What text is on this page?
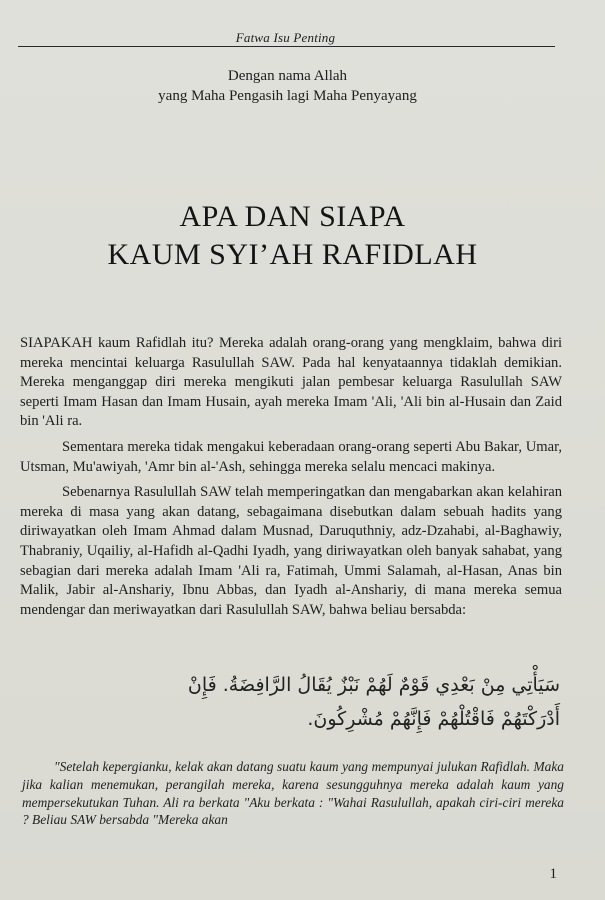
Fatwa Isu Penting
Dengan nama Allah
yang Maha Pengasih lagi Maha Penyayang
APA DAN SIAPA
KAUM SYI’AH RAFIDLAH

SIAPAKAH kaum Rafidlah itu? Mereka adalah orang-orang yang mengklaim, bahwa diri mereka mencintai keluarga Rasulullah SAW. Pada hal kenyataannya tidaklah demikian. Mereka menganggap diri mereka mengikuti jalan pembesar keluarga Rasulullah SAW seperti Imam Hasan dan Imam Husain, ayah mereka Imam 'Ali, 'Ali bin al-Husain dan Zaid bin 'Ali ra.

Sementara mereka tidak mengakui keberadaan orang-orang seperti Abu Bakar, Umar, Utsman, Mu'awiyah, 'Amr bin al-'Ash, sehingga mereka selalu mencaci makinya.

Sebenarnya Rasulullah SAW telah memperingatkan dan mengabarkan akan kelahiran mereka di masa yang akan datang, sebagaimana disebutkan dalam sebuah hadits yang diriwayatkan oleh Imam Ahmad dalam Musnad, Daruquthniy, adz-Dzahabi, al-Baghawiy, Thabraniy, Uqailiy, al-Hafidh al-Qadhi Iyadh, yang diriwayatkan oleh banyak sahabat, yang sebagian dari mereka adalah Imam 'Ali ra, Fatimah, Ummi Salamah, al-Hasan, Anas bin Malik, Jabir al-Anshariy, Ibnu Abbas, dan Iyadh al-Anshariy, di mana mereka semua mendengar dan meriwayatkan dari Rasulullah SAW, bahwa beliau bersabda:

سَيَأْتِي مِنْ بَعْدِي قَوْمٌ لَهُمْ نَبْزٌ يُقَالُ الرَّافِضَةُ. فَإِنْ
أَدْرَكْتَهُمْ فَاقْتُلْهُمْ فَإِنَّهُمْ مُشْرِكُونَ.

"Setelah kepergianku, kelak akan datang suatu kaum yang mempunyai julukan Rafidlah. Maka jika kalian menemukan, perangilah mereka, karena sesungguhnya mereka adalah kaum yang mempersekutukan Tuhan. Ali ra berkata "Aku berkata : "Wahai Rasulullah, apakah ciri-ciri mereka ? Beliau SAW bersabda "Mereka akan

1
